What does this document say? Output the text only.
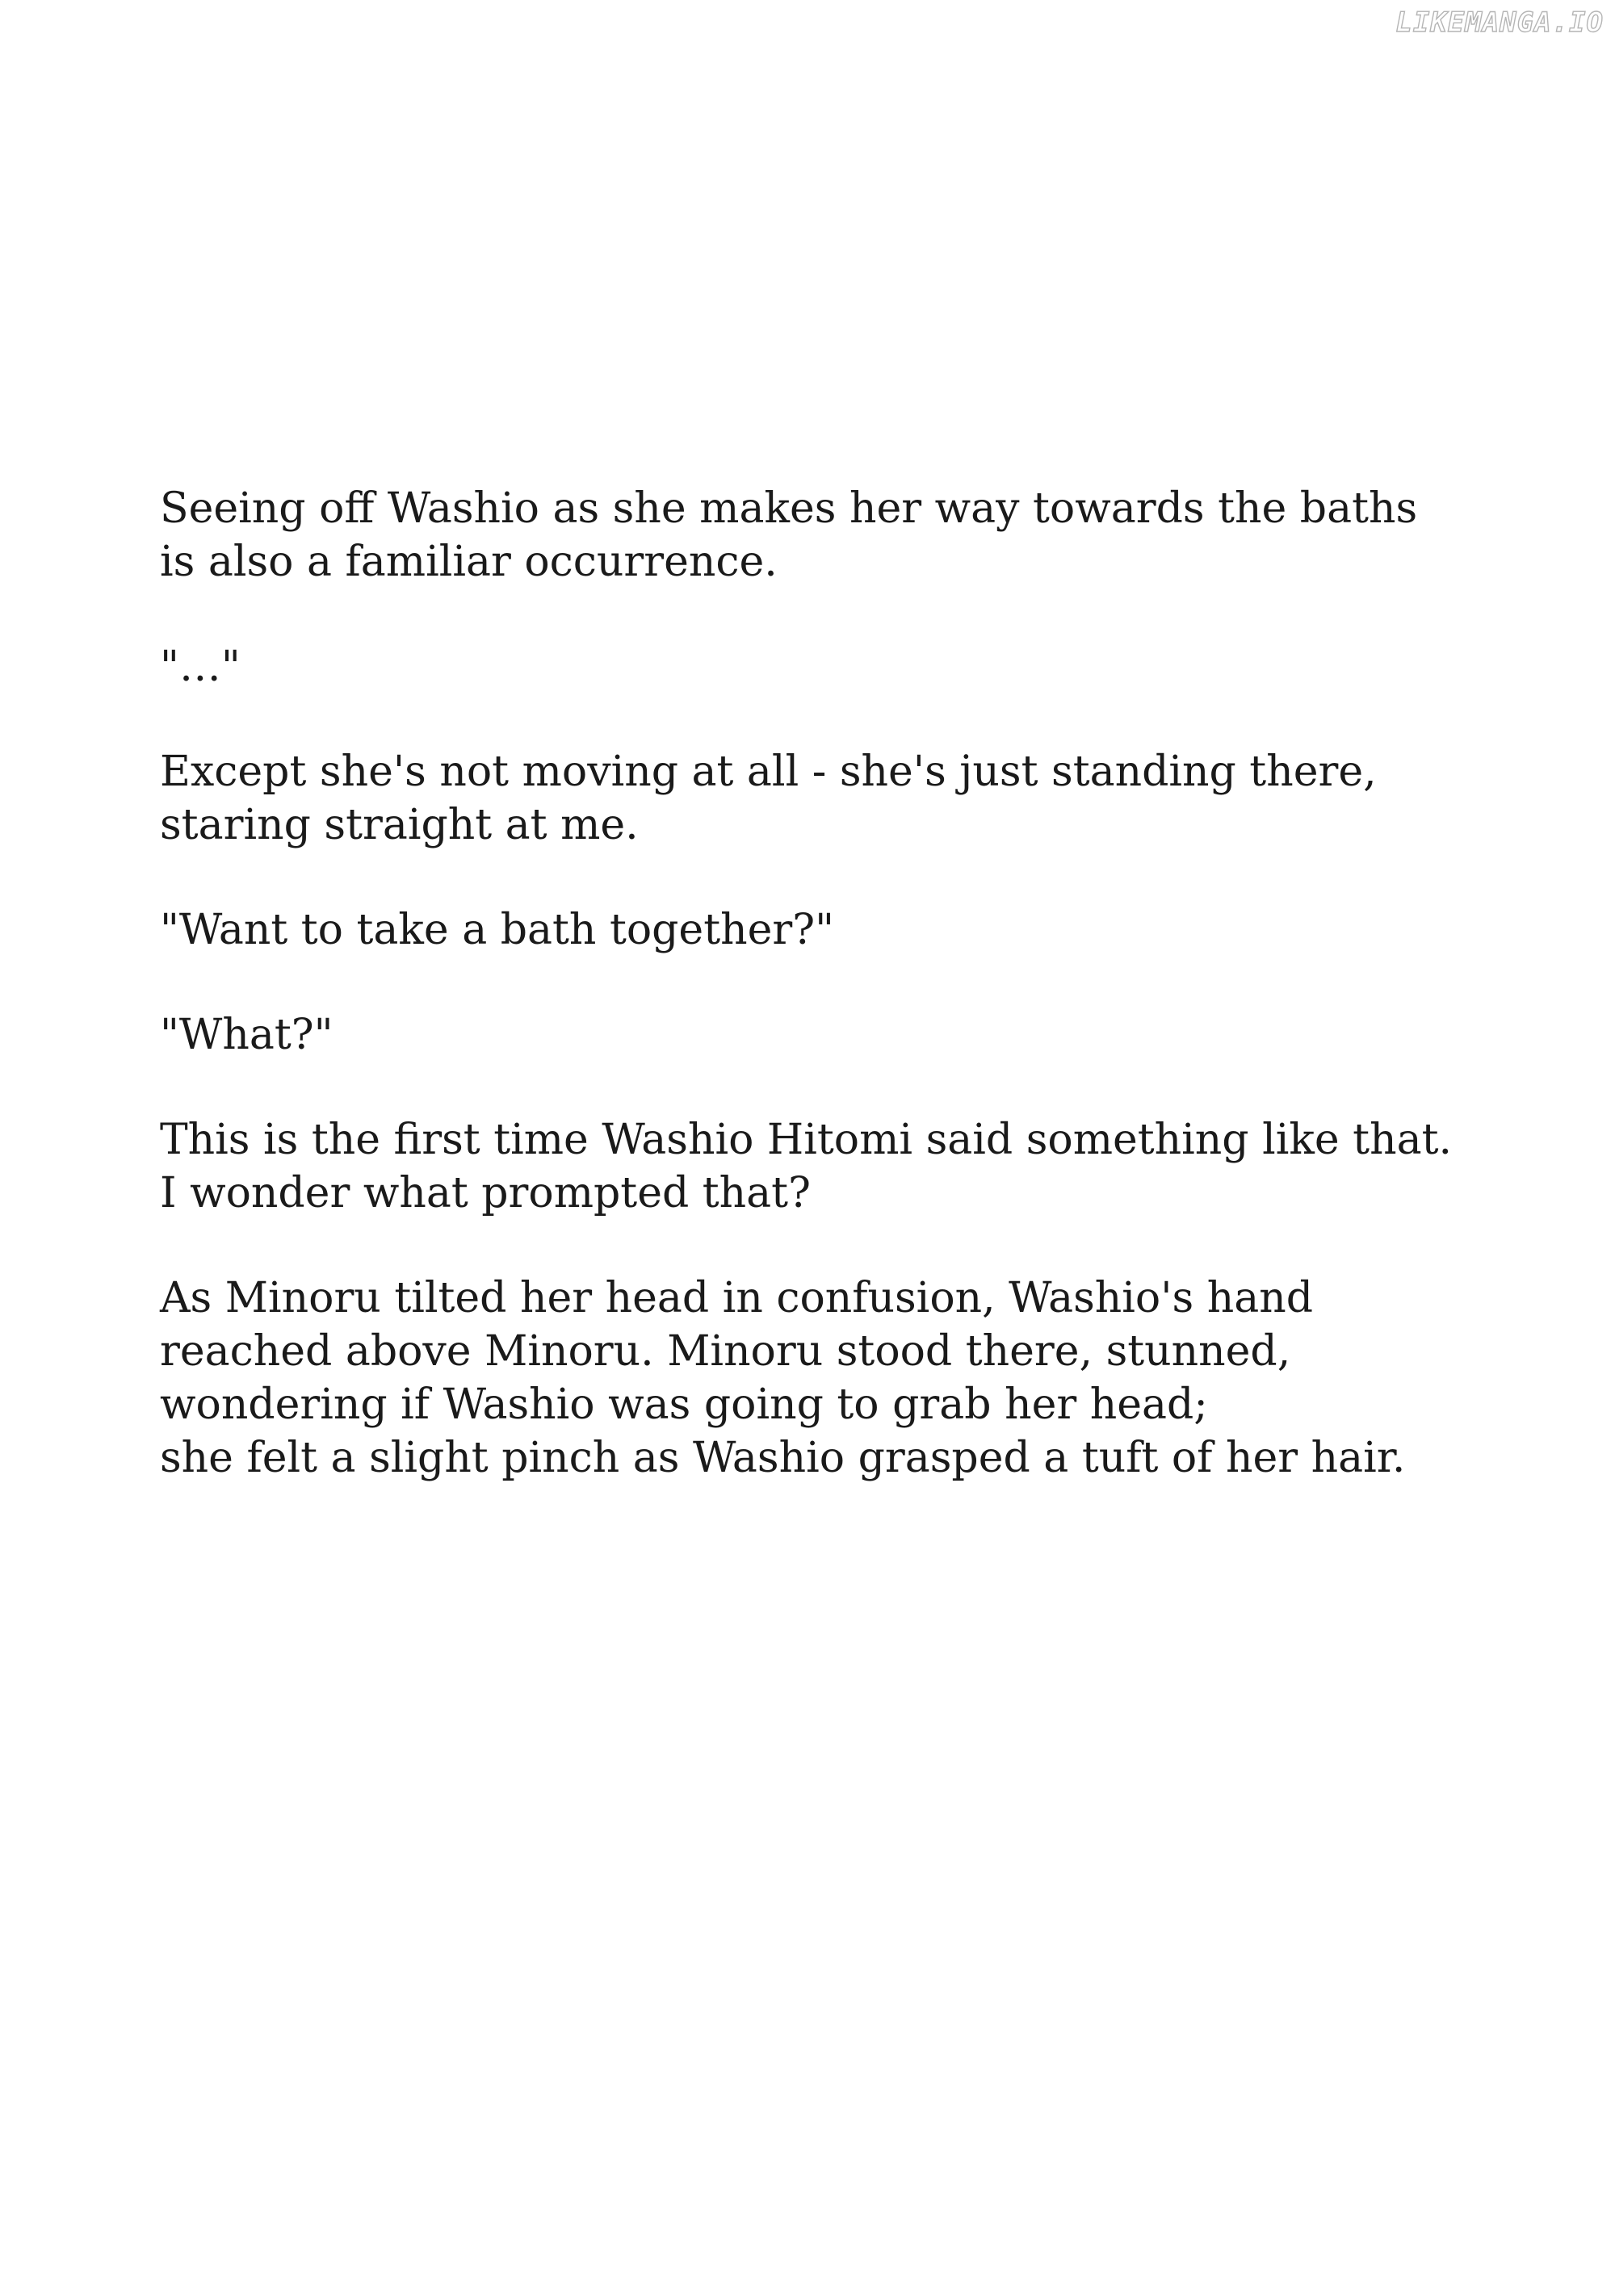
LIKEMANGA.IO

Seeing off Washio as she makes her way towards the baths
is also a familiar occurrence.

"…"

Except she's not moving at all - she's just standing there,
staring straight at me.

"Want to take a bath together?"

"What?"

This is the first time Washio Hitomi said something like that.
I wonder what prompted that?

As Minoru tilted her head in confusion, Washio's hand
reached above Minoru. Minoru stood there, stunned,
wondering if Washio was going to grab her head;
she felt a slight pinch as Washio grasped a tuft of her hair.
